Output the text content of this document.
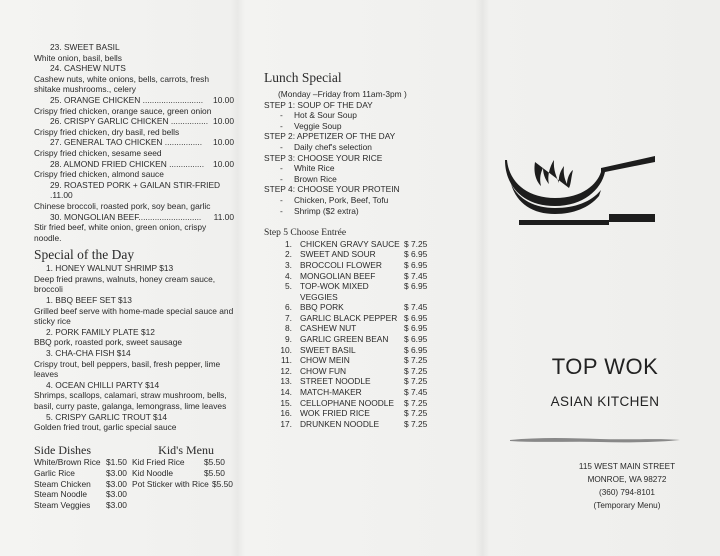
23. SWEET BASIL
White onion, basil, bells
24. CASHEW NUTS
Cashew nuts, white onions, bells, carrots, fresh shitake mushrooms., celery
25. ORANGE CHICKEN .......................... 10.00
Crispy fried chicken, orange sauce, green onion
26. CRISPY GARLIC CHICKEN ................ 10.00
Crispy fried chicken, dry basil, red bells
27. GENERAL TAO CHICKEN ................ 10.00
Crispy fried chicken, sesame seed
28. ALMOND FRIED CHICKEN ............... 10.00
Crispy fried chicken, almond sauce
29. ROASTED PORK + GAILAN STIR-FRIED .11.00
Chinese broccoli, roasted pork, soy bean, garlic
30. MONGOLIAN BEEF........................... 11.00
Stir fried beef, white onion, green onion, crispy noodle.
Special of the Day
1. HONEY WALNUT SHRIMP $13
Deep fried prawns, walnuts, honey cream sauce, broccoli
1. BBQ BEEF SET $13
Grilled beef serve with home-made special sauce and sticky rice
2. PORK FAMILY PLATE $12
BBQ pork, roasted pork, sweet sausage
3. CHA-CHA FISH $14
Crispy trout, bell peppers, basil, fresh pepper, lime leaves
4. OCEAN CHILLI PARTY $14
Shrimps, scallops, calamari, straw mushroom, bells, basil, curry paste, galanga, lemongrass, lime leaves
5. CRISPY GARLIC TROUT $14
Golden fried trout, garlic special sauce
Side Dishes	Kid's Menu
White/Brown Rice $1.50 Kid Fried Rice	$5.50
Garlic Rice	$3.00 Kid Noodle	$5.50
Steam Chicken	$3.00 Pot Sticker with Rice $5.50
Steam Noodle	$3.00
Steam Veggies	$3.00
Lunch Special
(Monday –Friday from 11am-3pm )
STEP 1: SOUP OF THE DAY
- Hot & Sour Soup
- Veggie Soup
STEP 2: APPETIZER OF THE DAY
- Daily chef's selection
STEP 3: CHOOSE YOUR RICE
- White Rice
- Brown Rice
STEP 4: CHOOSE YOUR PROTEIN
- Chicken, Pork, Beef, Tofu
- Shrimp ($2 extra)
Step 5 Choose Entrée
1. CHICKEN GRAVY SAUCE $ 7.25
2. SWEET AND SOUR	$ 6.95
3. BROCCOLI FLOWER	$ 6.95
4. MONGOLIAN BEEF	$ 7.45
5. TOP-WOK MIXED VEGGIES
$ 6.95
6. BBQ PORK	$ 7.45
7. GARLIC BLACK PEPPER $ 6.95
8. CASHEW NUT	$ 6.95
9. GARLIC GREEN BEAN	$ 6.95
10. SWEET BASIL	$ 6.95
11. CHOW MEIN	$ 7.25
12. CHOW FUN	$ 7.25
13. STREET NOODLE	$ 7.25
14. MATCH-MAKER	$ 7.45
15. CELLOPHANE NOODLE	$ 7.25
16. WOK FRIED RICE	$ 7.25
17. DRUNKEN NOODLE	$ 7.25
TOP WOK
ASIAN KITCHEN
115 WEST MAIN STREET
MONROE, WA 98272
(360) 794-8101
(Temporary Menu)
